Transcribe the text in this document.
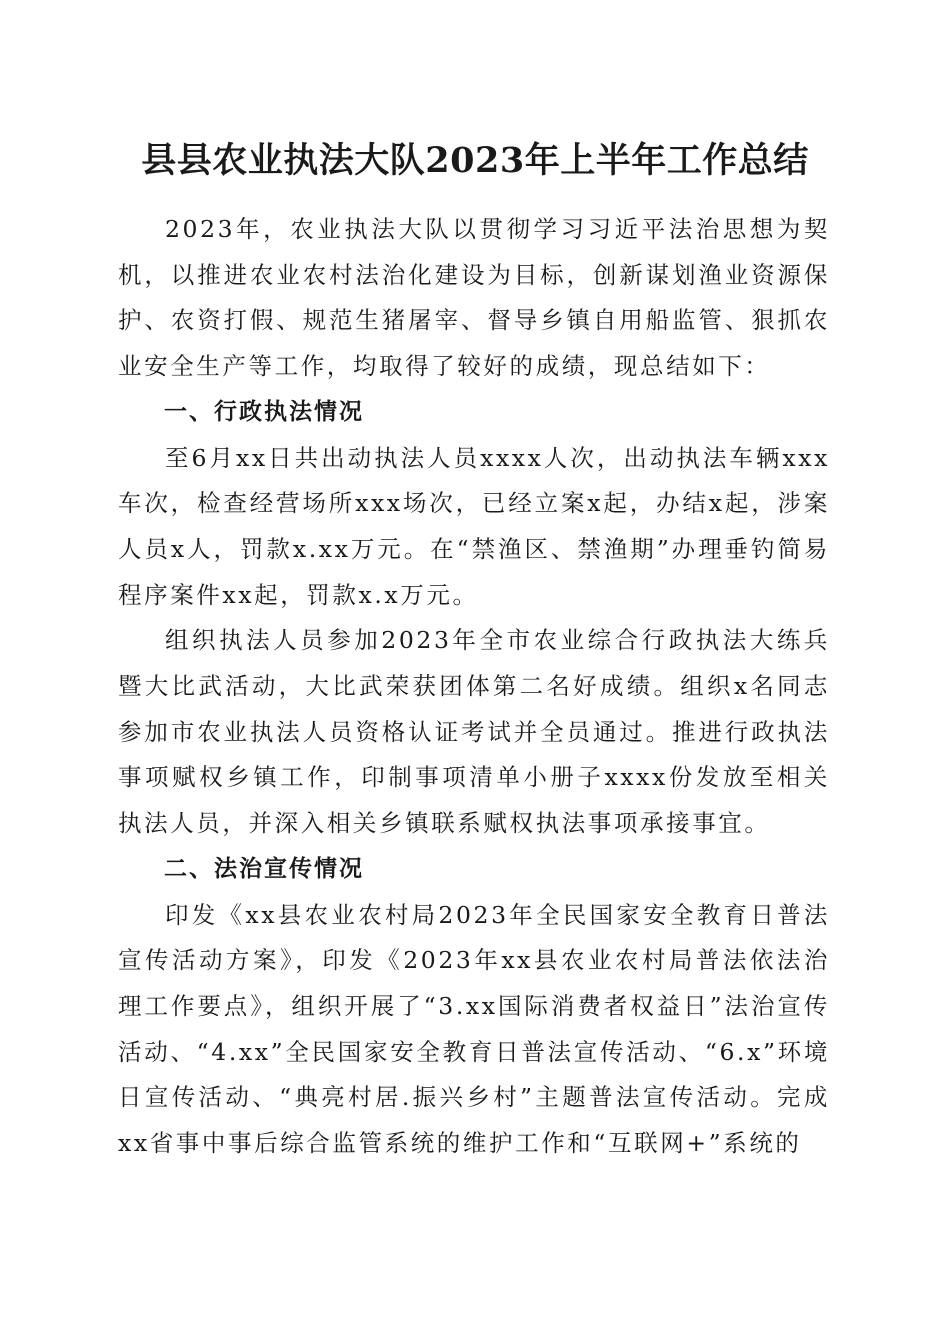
县县农业执法大队2023年上半年工作总结

2023年，农业执法大队以贯彻学习习近平法治思想为契机，以推进农业农村法治化建设为目标，创新谋划渔业资源保护、农资打假、规范生猪屠宰、督导乡镇自用船监管、狠抓农业安全生产等工作，均取得了较好的成绩，现总结如下：

一、行政执法情况

至6月xx日共出动执法人员xxxx人次，出动执法车辆xxx车次，检查经营场所xxx场次，已经立案x起，办结x起，涉案人员x人，罚款x.xx万元。在“禁渔区、禁渔期”办理垂钓简易程序案件xx起，罚款x.x万元。

组织执法人员参加2023年全市农业综合行政执法大练兵暨大比武活动，大比武荣获团体第二名好成绩。组织x名同志参加市农业执法人员资格认证考试并全员通过。推进行政执法事项赋权乡镇工作，印制事项清单小册子xxxx份发放至相关执法人员，并深入相关乡镇联系赋权执法事项承接事宜。

二、法治宣传情况

印发《xx县农业农村局2023年全民国家安全教育日普法宣传活动方案》，印发《2023年xx县农业农村局普法依法治理工作要点》，组织开展了“3.xx国际消费者权益日”法治宣传活动、“4.xx”全民国家安全教育日普法宣传活动、“6.x”环境日宣传活动、“典亮村居.振兴乡村”主题普法宣传活动。完成xx省事中事后综合监管系统的维护工作和“互联网+”系统的
